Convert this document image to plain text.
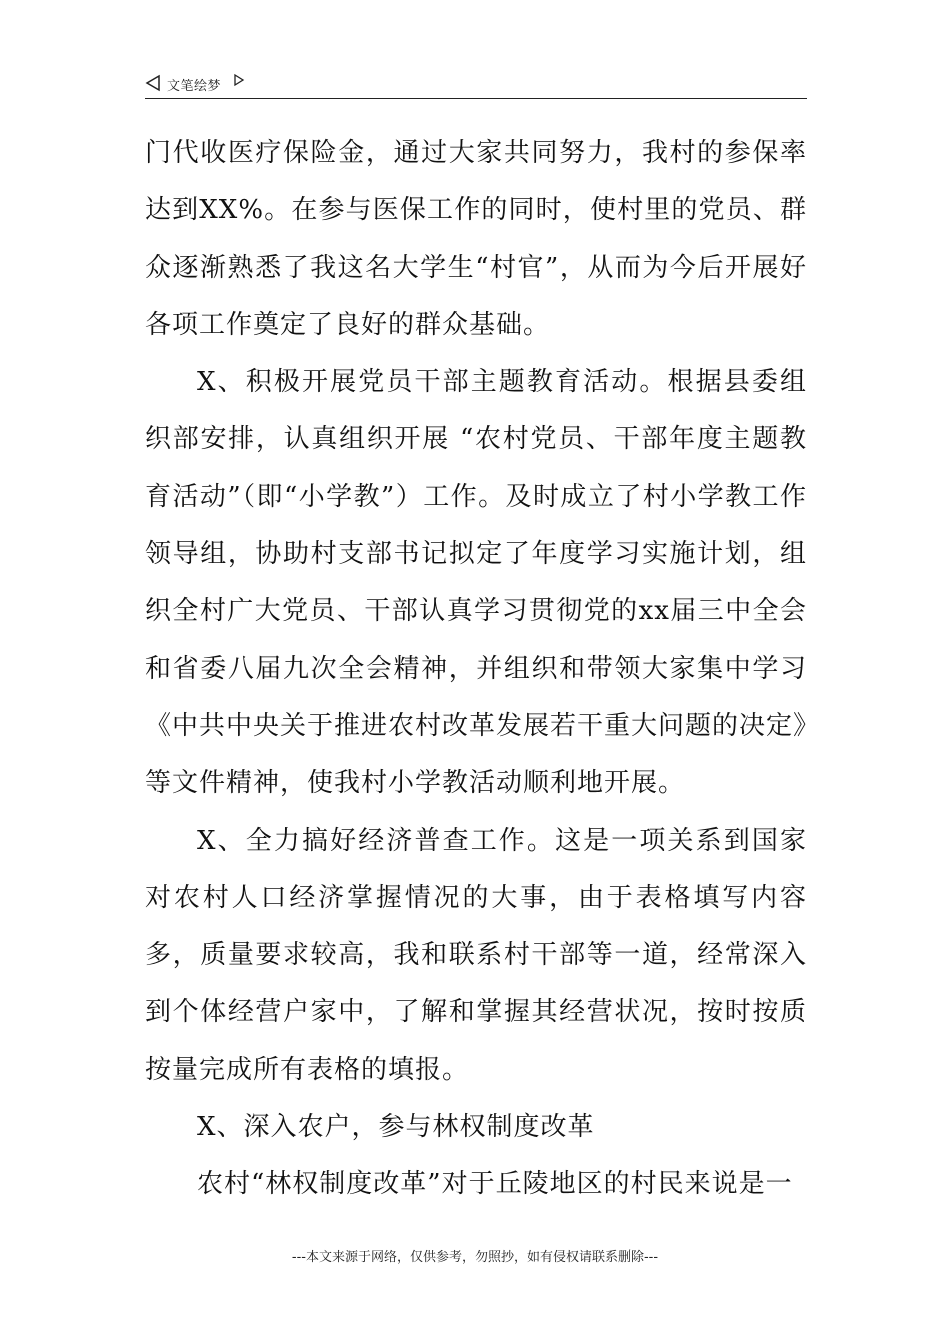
文笔绘梦

门代收医疗保险金，通过大家共同努力，我村的参保率达到XX%。在参与医保工作的同时，使村里的党员、群众逐渐熟悉了我这名大学生“村官”，从而为今后开展好各项工作奠定了良好的群众基础。

X、积极开展党员干部主题教育活动。根据县委组织部安排，认真组织开展 “农村党员、干部年度主题教育活动”（即“小学教”）工作。及时成立了村小学教工作领导组，协助村支部书记拟定了年度学习实施计划，组织全村广大党员、干部认真学习贯彻党的xx届三中全会和省委八届九次全会精神，并组织和带领大家集中学习《中共中央关于推进农村改革发展若干重大问题的决定》等文件精神，使我村小学教活动顺利地开展。

X、全力搞好经济普查工作。这是一项关系到国家对农村人口经济掌握情况的大事，由于表格填写内容多，质量要求较高，我和联系村干部等一道，经常深入到个体经营户家中，了解和掌握其经营状况，按时按质按量完成所有表格的填报。

X、深入农户，参与林权制度改革

农村“林权制度改革”对于丘陵地区的村民来说是一

---本文来源于网络，仅供参考，勿照抄，如有侵权请联系删除---
